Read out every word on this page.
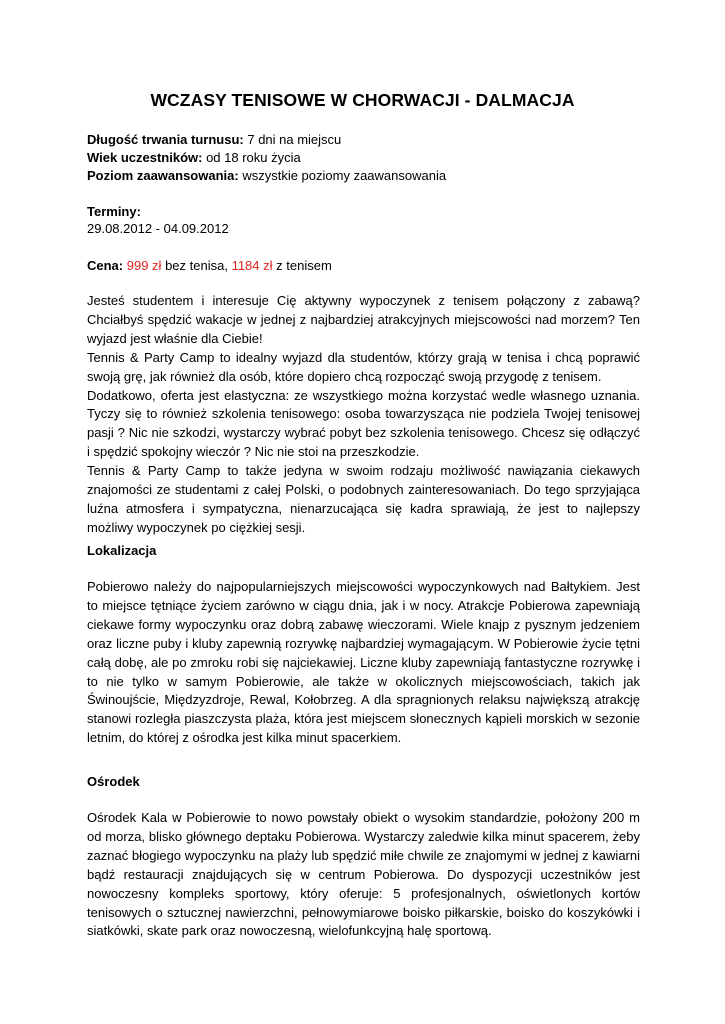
WCZASY TENISOWE W CHORWACJI - DALMACJA
Długość trwania turnusu: 7 dni na miejscu
Wiek uczestników: od 18 roku życia
Poziom zaawansowania: wszystkie poziomy zaawansowania
Terminy:
29.08.2012 - 04.09.2012
Cena: 999 zł bez tenisa, 1184 zł z tenisem

Jesteś studentem i interesuje Cię aktywny wypoczynek z tenisem połączony z zabawą? Chciałbyś spędzić wakacje w jednej z najbardziej atrakcyjnych miejscowości nad morzem? Ten wyjazd jest właśnie dla Ciebie!

Tennis & Party Camp to idealny wyjazd dla studentów, którzy grają w tenisa i chcą poprawić swoją grę, jak również dla osób, które dopiero chcą rozpocząć swoją przygodę z tenisem.

Dodatkowo, oferta jest elastyczna: ze wszystkiego można korzystać wedle własnego uznania. Tyczy się to również szkolenia tenisowego: osoba towarzysząca nie podziela Twojej tenisowej pasji ? Nic nie szkodzi, wystarczy wybrać pobyt bez szkolenia tenisowego. Chcesz się odłączyć i spędzić spokojny wieczór ? Nic nie stoi na przeszkodzie.

Tennis & Party Camp to także jedyna w swoim rodzaju możliwość nawiązania ciekawych znajomości ze studentami z całej Polski, o podobnych zainteresowaniach. Do tego sprzyjająca luźna atmosfera i sympatyczna, nienarzucająca się kadra sprawiają, że jest to najlepszy możliwy wypoczynek po ciężkiej sesji.

Lokalizacja

Pobierowo należy do najpopularniejszych miejscowości wypoczynkowych nad Bałtykiem. Jest to miejsce tętniące życiem zarówno w ciągu dnia, jak i w nocy. Atrakcje Pobierowa zapewniają ciekawe formy wypoczynku oraz dobrą zabawę wieczorami. Wiele knajp z pysznym jedzeniem oraz liczne puby i kluby zapewnią rozrywkę najbardziej wymagającym. W Pobierowie życie tętni całą dobę, ale po zmroku robi się najciekawiej. Liczne kluby zapewniają fantastyczne rozrywkę i to nie tylko w samym Pobierowie, ale także w okolicznych miejscowościach, takich jak Świnoujście, Międzyzdroje, Rewal, Kołobrzeg. A dla spragnionych relaksu największą atrakcję stanowi rozległa piaszczysta plaża, która jest miejscem słonecznych kąpieli morskich w sezonie letnim, do której z ośrodka jest kilka minut spacerkiem.

Ośrodek

Ośrodek Kala w Pobierowie to nowo powstały obiekt o wysokim standardzie, położony 200 m od morza, blisko głównego deptaku Pobierowa. Wystarczy zaledwie kilka minut spacerem, żeby zaznać błogiego wypoczynku na plaży lub spędzić miłe chwile ze znajomymi w jednej z kawiarni bądź restauracji znajdujących się w centrum Pobierowa. Do dyspozycji uczestników jest nowoczesny kompleks sportowy, który oferuje: 5 profesjonalnych, oświetlonych kortów tenisowych o sztucznej nawierzchni, pełnowymiarowe boisko piłkarskie, boisko do koszykówki i siatkówki, skate park oraz nowoczesną, wielofunkcyjną halę sportową.
